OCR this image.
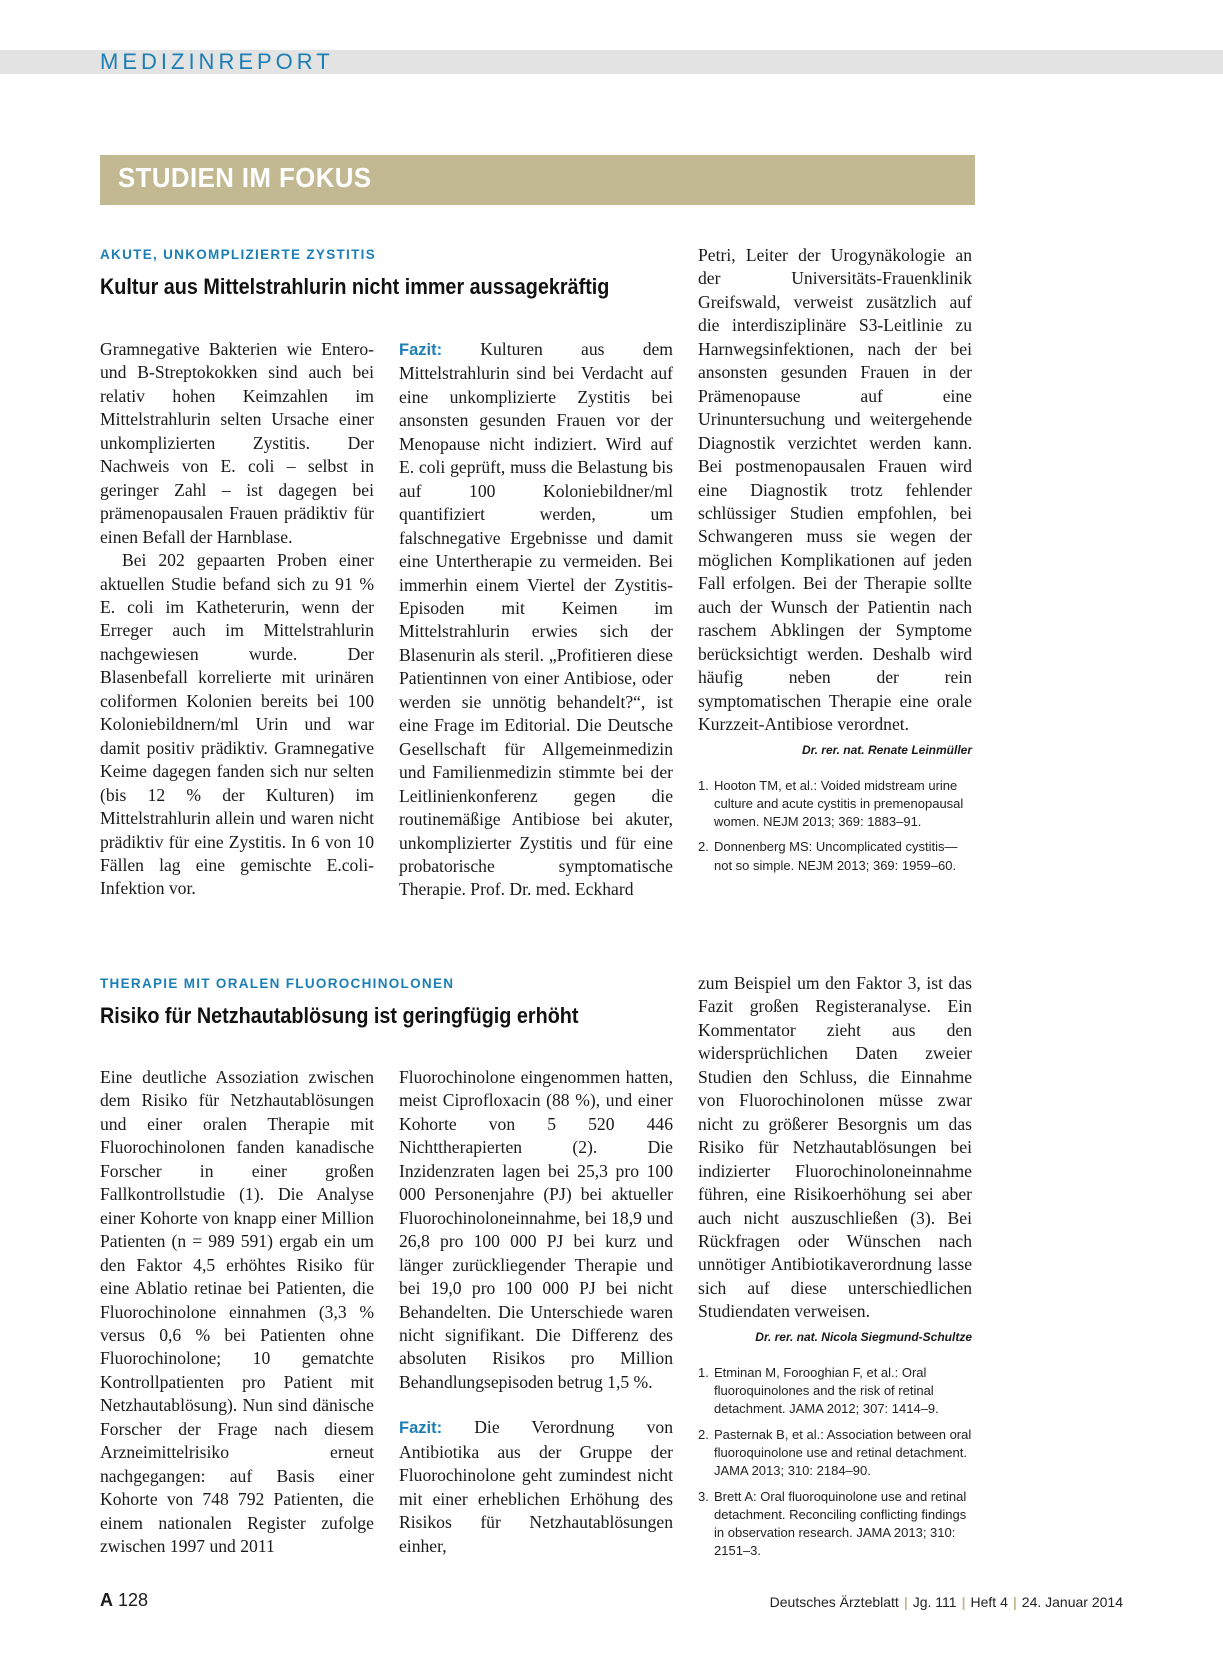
MEDIZINREPORT
STUDIEN IM FOKUS
AKUTE, UNKOMPLIZIERTE ZYSTITIS
Kultur aus Mittelstrahlurin nicht immer aussagekräftig

Gramnegative Bakterien wie Entero- und B-Streptokokken sind auch bei relativ hohen Keimzahlen im Mittelstrahlurin selten Ursache einer unkomplizierten Zystitis. Der Nachweis von E. coli – selbst in geringer Zahl – ist dagegen bei prämenopausalen Frauen prädiktiv für einen Befall der Harnblase.

Bei 202 gepaarten Proben einer aktuellen Studie befand sich zu 91 % E. coli im Katheterurin, wenn der Erreger auch im Mittelstrahlurin nachgewiesen wurde. Der Blasenbefall korrelierte mit urinären coliformen Kolonien bereits bei 100 Koloniebildnern/ml Urin und war damit positiv prädiktiv. Gramnegative Keime dagegen fanden sich nur selten (bis 12 % der Kulturen) im Mittelstrahlurin allein und waren nicht prädiktiv für eine Zystitis. In 6 von 10 Fällen lag eine gemischte E.coli-Infektion vor.

Fazit: Kulturen aus dem Mittelstrahlurin sind bei Verdacht auf eine unkomplizierte Zystitis bei ansonsten gesunden Frauen vor der Menopause nicht indiziert. Wird auf E. coli geprüft, muss die Belastung bis auf 100 Koloniebildner/ml quantifiziert werden, um falschnegative Ergebnisse und damit eine Untertherapie zu vermeiden. Bei immerhin einem Viertel der Zystitis-Episoden mit Keimen im Mittelstrahlurin erwies sich der Blasenurin als steril. „Profitieren diese Patientinnen von einer Antibiose, oder werden sie unnötig behandelt?“, ist eine Frage im Editorial. Die Deutsche Gesellschaft für Allgemeinmedizin und Familienmedizin stimmte bei der Leitlinienkonferenz gegen die routinemäßige Antibiose bei akuter, unkomplizierter Zystitis und für eine probatorische symptomatische Therapie. Prof. Dr. med. Eckhard

Petri, Leiter der Urogynäkologie an der Universitäts-Frauenklinik Greifswald, verweist zusätzlich auf die interdisziplinäre S3-Leitlinie zu Harnwegsinfektionen, nach der bei ansonsten gesunden Frauen in der Prämenopause auf eine Urinuntersuchung und weitergehende Diagnostik verzichtet werden kann. Bei postmenopausalen Frauen wird eine Diagnostik trotz fehlender schlüssiger Studien empfohlen, bei Schwangeren muss sie wegen der möglichen Komplikationen auf jeden Fall erfolgen. Bei der Therapie sollte auch der Wunsch der Patientin nach raschem Abklingen der Symptome berücksichtigt werden. Deshalb wird häufig neben der rein symptomatischen Therapie eine orale Kurzzeit-Antibiose verordnet.

Dr. rer. nat. Renate Leinmüller
1. Hooton TM, et al.: Voided midstream urine culture and acute cystitis in premenopausal women. NEJM 2013; 369: 1883–91.
2. Donnenberg MS: Uncomplicated cystitis—not so simple. NEJM 2013; 369: 1959–60.
THERAPIE MIT ORALEN FLUOROCHINOLONEN
Risiko für Netzhautablösung ist geringfügig erhöht

Eine deutliche Assoziation zwischen dem Risiko für Netzhautablösungen und einer oralen Therapie mit Fluorochinolonen fanden kanadische Forscher in einer großen Fallkontrollstudie (1). Die Analyse einer Kohorte von knapp einer Million Patienten (n = 989 591) ergab ein um den Faktor 4,5 erhöhtes Risiko für eine Ablatio retinae bei Patienten, die Fluorochinolone einnahmen (3,3 % versus 0,6 % bei Patienten ohne Fluorochinolone; 10 gematchte Kontrollpatienten pro Patient mit Netzhautablösung). Nun sind dänische Forscher der Frage nach diesem Arzneimittelrisiko erneut nachgegangen: auf Basis einer Kohorte von 748 792 Patienten, die einem nationalen Register zufolge zwischen 1997 und 2011

Fluorochinolone eingenommen hatten, meist Ciprofloxacin (88 %), und einer Kohorte von 5 520 446 Nichttherapierten (2). Die Inzidenzraten lagen bei 25,3 pro 100 000 Personenjahre (PJ) bei aktueller Fluorochinoloneinnahme, bei 18,9 und 26,8 pro 100 000 PJ bei kurz und länger zurückliegender Therapie und bei 19,0 pro 100 000 PJ bei nicht Behandelten. Die Unterschiede waren nicht signifikant. Die Differenz des absoluten Risikos pro Million Behandlungsepisoden betrug 1,5 %.

Fazit: Die Verordnung von Antibiotika aus der Gruppe der Fluorochinolone geht zumindest nicht mit einer erheblichen Erhöhung des Risikos für Netzhautablösungen einher,

zum Beispiel um den Faktor 3, ist das Fazit großen Registeranalyse. Ein Kommentator zieht aus den widersprüchlichen Daten zweier Studien den Schluss, die Einnahme von Fluorochinolonen müsse zwar nicht zu größerer Besorgnis um das Risiko für Netzhautablösungen bei indizierter Fluorochinoloneinnahme führen, eine Risikoerhöhung sei aber auch nicht auszuschließen (3). Bei Rückfragen oder Wünschen nach unnötiger Antibiotikaverordnung lasse sich auf diese unterschiedlichen Studiendaten verweisen.

Dr. rer. nat. Nicola Siegmund-Schultze
1. Etminan M, Forooghian F, et al.: Oral fluoroquinolones and the risk of retinal detachment. JAMA 2012; 307: 1414–9.
2. Pasternak B, et al.: Association between oral fluoroquinolone use and retinal detachment. JAMA 2013; 310: 2184–90.
3. Brett A: Oral fluoroquinolone use and retinal detachment. Reconciling conflicting findings in observation research. JAMA 2013; 310: 2151–3.
A 128	Deutsches Ärzteblatt | Jg. 111 | Heft 4 | 24. Januar 2014
